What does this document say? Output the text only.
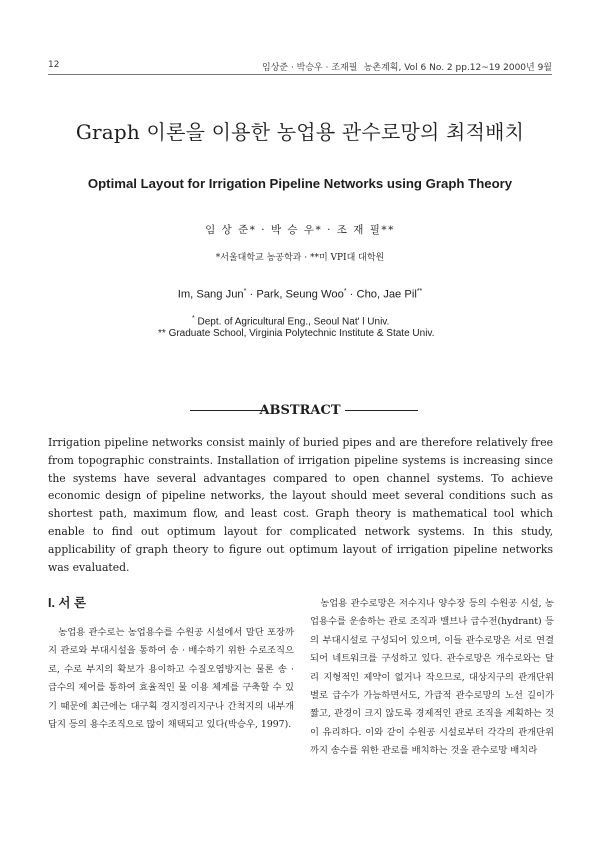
12	임상준 · 박승우 · 조재필 농촌계획, Vol 6 No. 2 pp.12~19 2000년 9월
Graph 이론을 이용한 농업용 관수로망의 최적배치
Optimal Layout for Irrigation Pipeline Networks using Graph Theory
임 상 준* · 박 승 우* · 조 재 필**
*서울대학교 농공학과 · **미 VPI대 대학원
Im, Sang Jun* · Park, Seung Woo* · Cho, Jae Pil**
* Dept. of Agricultural Eng., Seoul Nat' l Univ.
** Graduate School, Virginia Polytechnic Institute & State Univ.
ABSTRACT

Irrigation pipeline networks consist mainly of buried pipes and are therefore relatively free from topographic constraints. Installation of irrigation pipeline systems is increasing since the systems have several advantages compared to open channel systems. To achieve economic design of pipeline networks, the layout should meet several conditions such as shortest path, maximum flow, and least cost. Graph theory is mathematical tool which enable to find out optimum layout for complicated network systems. In this study, applicability of graph theory to figure out optimum layout of irrigation pipeline networks was evaluated.

I. 서 론

농업용 관수로는 농업용수를 수원공 시설에서 말단 포장까지 관로와 부대시설을 통하여 송 · 배수하기 위한 수로조직으로, 수로 부지의 확보가 용이하고 수질오염방지는 물론 송 · 급수의 제어를 통하여 효율적인 물 이용 체계를 구축할 수 있기 때문에 최근에는 대구획 경지정리지구나 간척지의 내부개답지 등의 용수조직으로 많이 채택되고 있다(박승우, 1997).

농업용 관수로망은 저수지나 양수장 등의 수원공 시설, 농업용수를 운송하는 관로 조직과 밸브나 급수전(hydrant) 등의 부대시설로 구성되어 있으며, 이들 관수로망은 서로 연결되어 네트워크를 구성하고 있다. 관수로망은 개수로와는 달리 지형적인 제약이 없거나 작으므로, 대상지구의 관개단위별로 급수가 가능하면서도, 가급적 관수로망의 노선 길이가 짧고, 관경이 크지 않도록 경제적인 관로 조직을 계획하는 것이 유리하다. 이와 같이 수원공 시설로부터 각각의 관개단위까지 송수를 위한 관로를 배치하는 것을 관수로망 배치라
